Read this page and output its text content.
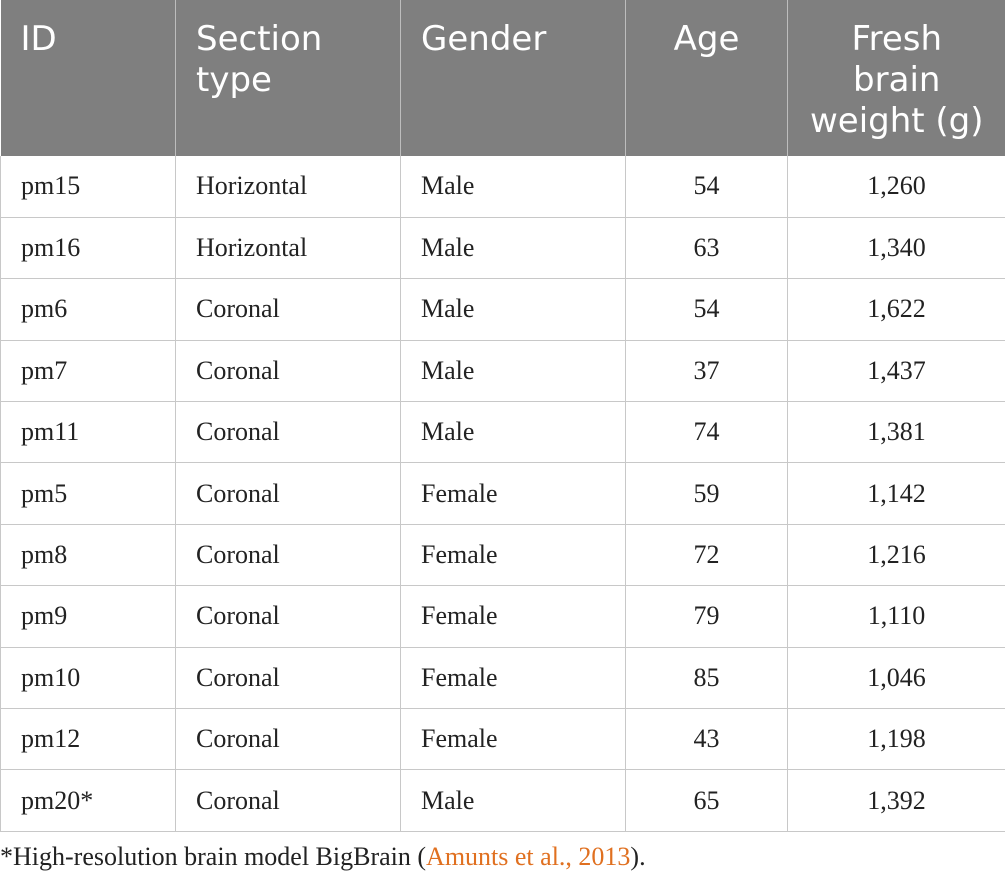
ID	Section type	Gender	Age	Fresh brain weight (g)
pm15	Horizontal	Male	54	1,260
pm16	Horizontal	Male	63	1,340
pm6	Coronal	Male	54	1,622
pm7	Coronal	Male	37	1,437
pm11	Coronal	Male	74	1,381
pm5	Coronal	Female	59	1,142
pm8	Coronal	Female	72	1,216
pm9	Coronal	Female	79	1,110
pm10	Coronal	Female	85	1,046
pm12	Coronal	Female	43	1,198
pm20*	Coronal	Male	65	1,392
*High-resolution brain model BigBrain (Amunts et al., 2013).
